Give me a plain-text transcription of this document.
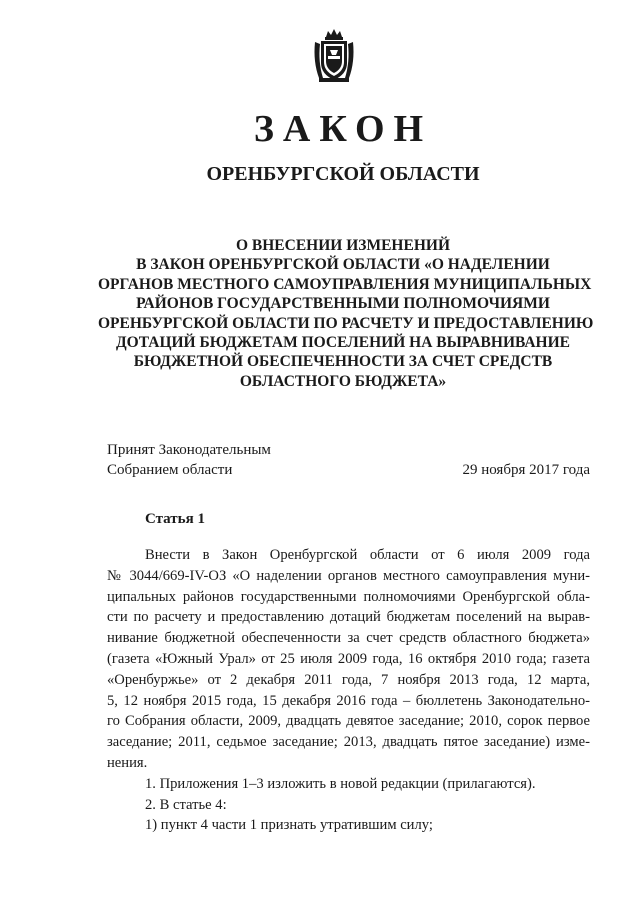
ЗАКОН
ОРЕНБУРГСКОЙ ОБЛАСТИ
О ВНЕСЕНИИ ИЗМЕНЕНИЙ
В ЗАКОН ОРЕНБУРГСКОЙ ОБЛАСТИ «О НАДЕЛЕНИИ
ОРГАНОВ МЕСТНОГО САМОУПРАВЛЕНИЯ МУНИЦИПАЛЬНЫХ
РАЙОНОВ ГОСУДАРСТВЕННЫМИ ПОЛНОМОЧИЯМИ
ОРЕНБУРГСКОЙ ОБЛАСТИ ПО РАСЧЕТУ И ПРЕДОСТАВЛЕНИЮ
ДОТАЦИЙ БЮДЖЕТАМ ПОСЕЛЕНИЙ НА ВЫРАВНИВАНИЕ
БЮДЖЕТНОЙ ОБЕСПЕЧЕННОСТИ ЗА СЧЕТ СРЕДСТВ
ОБЛАСТНОГО БЮДЖЕТА»
Принят Законодательным
Собранием области	29 ноября 2017 года
Статья 1

Внести в Закон Оренбургской области от 6 июля 2009 года
№ 3044/669-IV-ОЗ «О наделении органов местного самоуправления муни-
ципальных районов государственными полномочиями Оренбургской обла-
сти по расчету и предоставлению дотаций бюджетам поселений на вырав-
нивание бюджетной обеспеченности за счет средств областного бюджета»
(газета «Южный Урал» от 25 июля 2009 года, 16 октября 2010 года; газета
«Оренбуржье» от 2 декабря 2011 года, 7 ноября 2013 года, 12 марта,
5, 12 ноября 2015 года, 15 декабря 2016 года – бюллетень Законодательно-
го Собрания области, 2009, двадцать девятое заседание; 2010, сорок первое
заседание; 2011, седьмое заседание; 2013, двадцать пятое заседание) изме-
нения.

1. Приложения 1–3 изложить в новой редакции (прилагаются).

2. В статье 4:

1) пункт 4 части 1 признать утратившим силу;
